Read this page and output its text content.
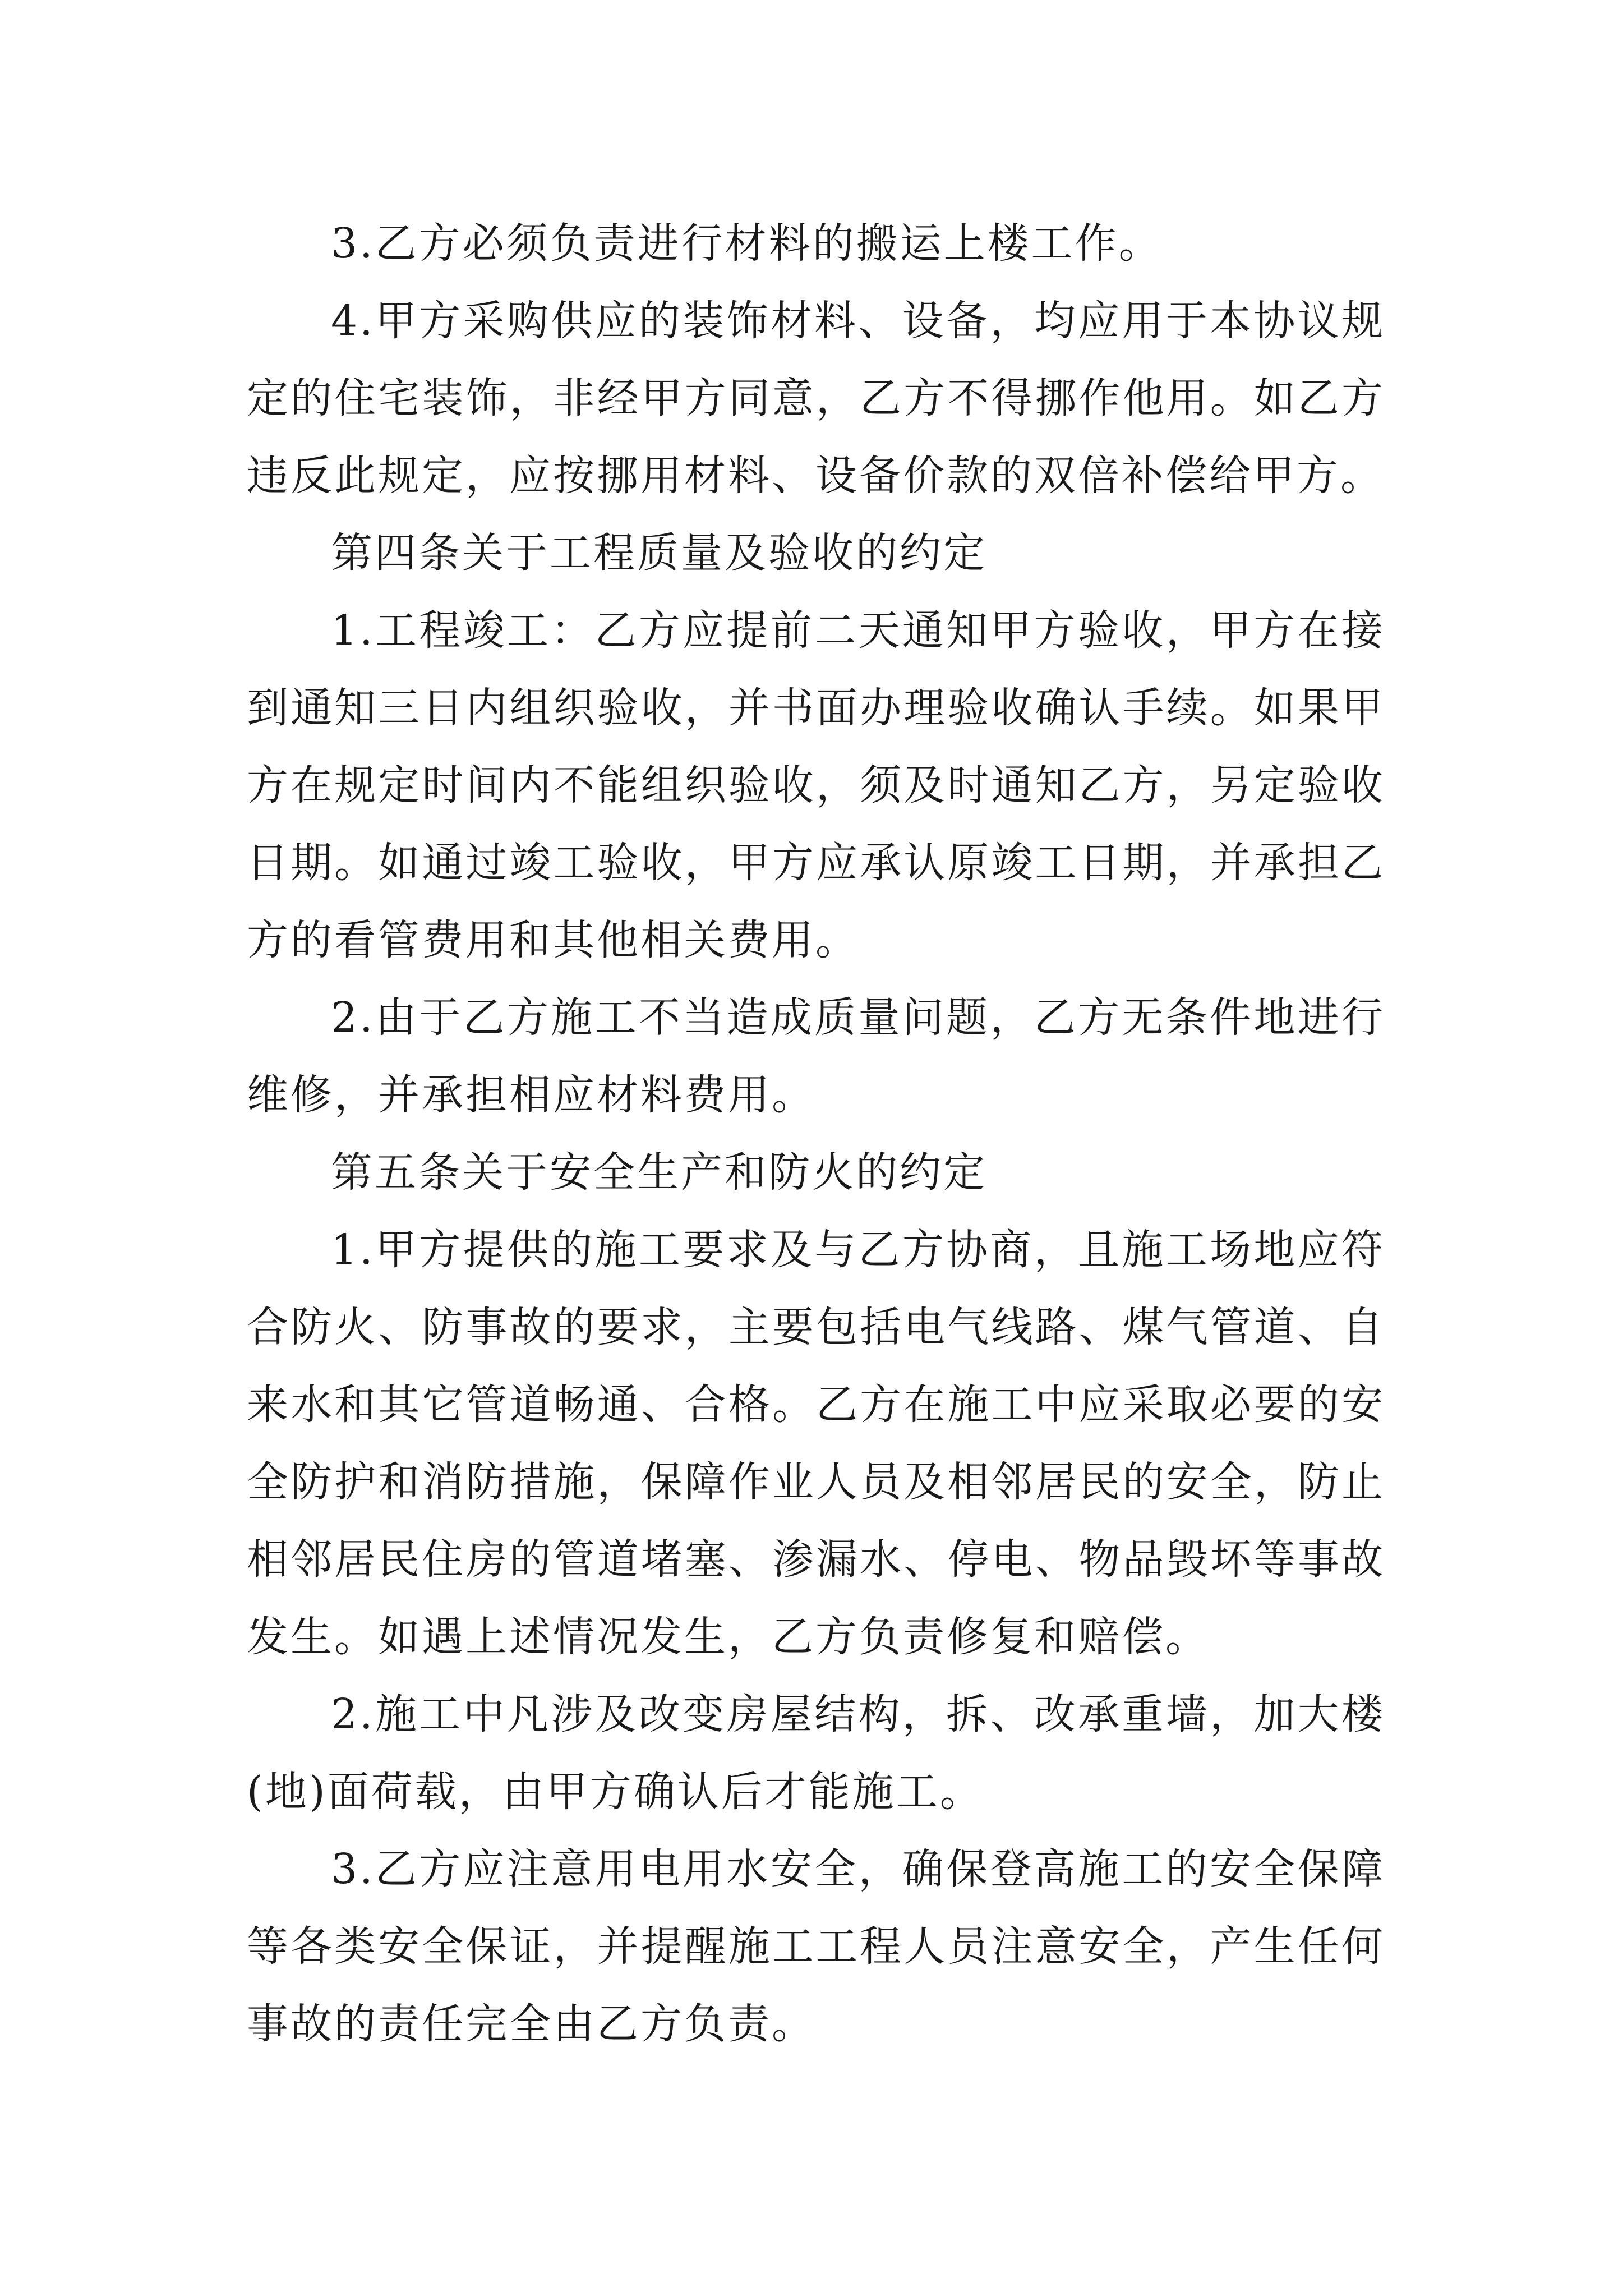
3.乙方必须负责进行材料的搬运上楼工作。

4.甲方采购供应的装饰材料、设备，均应用于本协议规定的住宅装饰，非经甲方同意，乙方不得挪作他用。如乙方违反此规定，应按挪用材料、设备价款的双倍补偿给甲方。

第四条关于工程质量及验收的约定

1.工程竣工：乙方应提前二天通知甲方验收，甲方在接到通知三日内组织验收，并书面办理验收确认手续。如果甲方在规定时间内不能组织验收，须及时通知乙方，另定验收日期。如通过竣工验收，甲方应承认原竣工日期，并承担乙方的看管费用和其他相关费用。

2.由于乙方施工不当造成质量问题，乙方无条件地进行维修，并承担相应材料费用。

第五条关于安全生产和防火的约定

1.甲方提供的施工要求及与乙方协商，且施工场地应符合防火、防事故的要求，主要包括电气线路、煤气管道、自来水和其它管道畅通、合格。乙方在施工中应采取必要的安全防护和消防措施，保障作业人员及相邻居民的安全，防止相邻居民住房的管道堵塞、渗漏水、停电、物品毁坏等事故发生。如遇上述情况发生，乙方负责修复和赔偿。

2.施工中凡涉及改变房屋结构，拆、改承重墙，加大楼(地)面荷载，由甲方确认后才能施工。

3.乙方应注意用电用水安全，确保登高施工的安全保障等各类安全保证，并提醒施工工程人员注意安全，产生任何事故的责任完全由乙方负责。
